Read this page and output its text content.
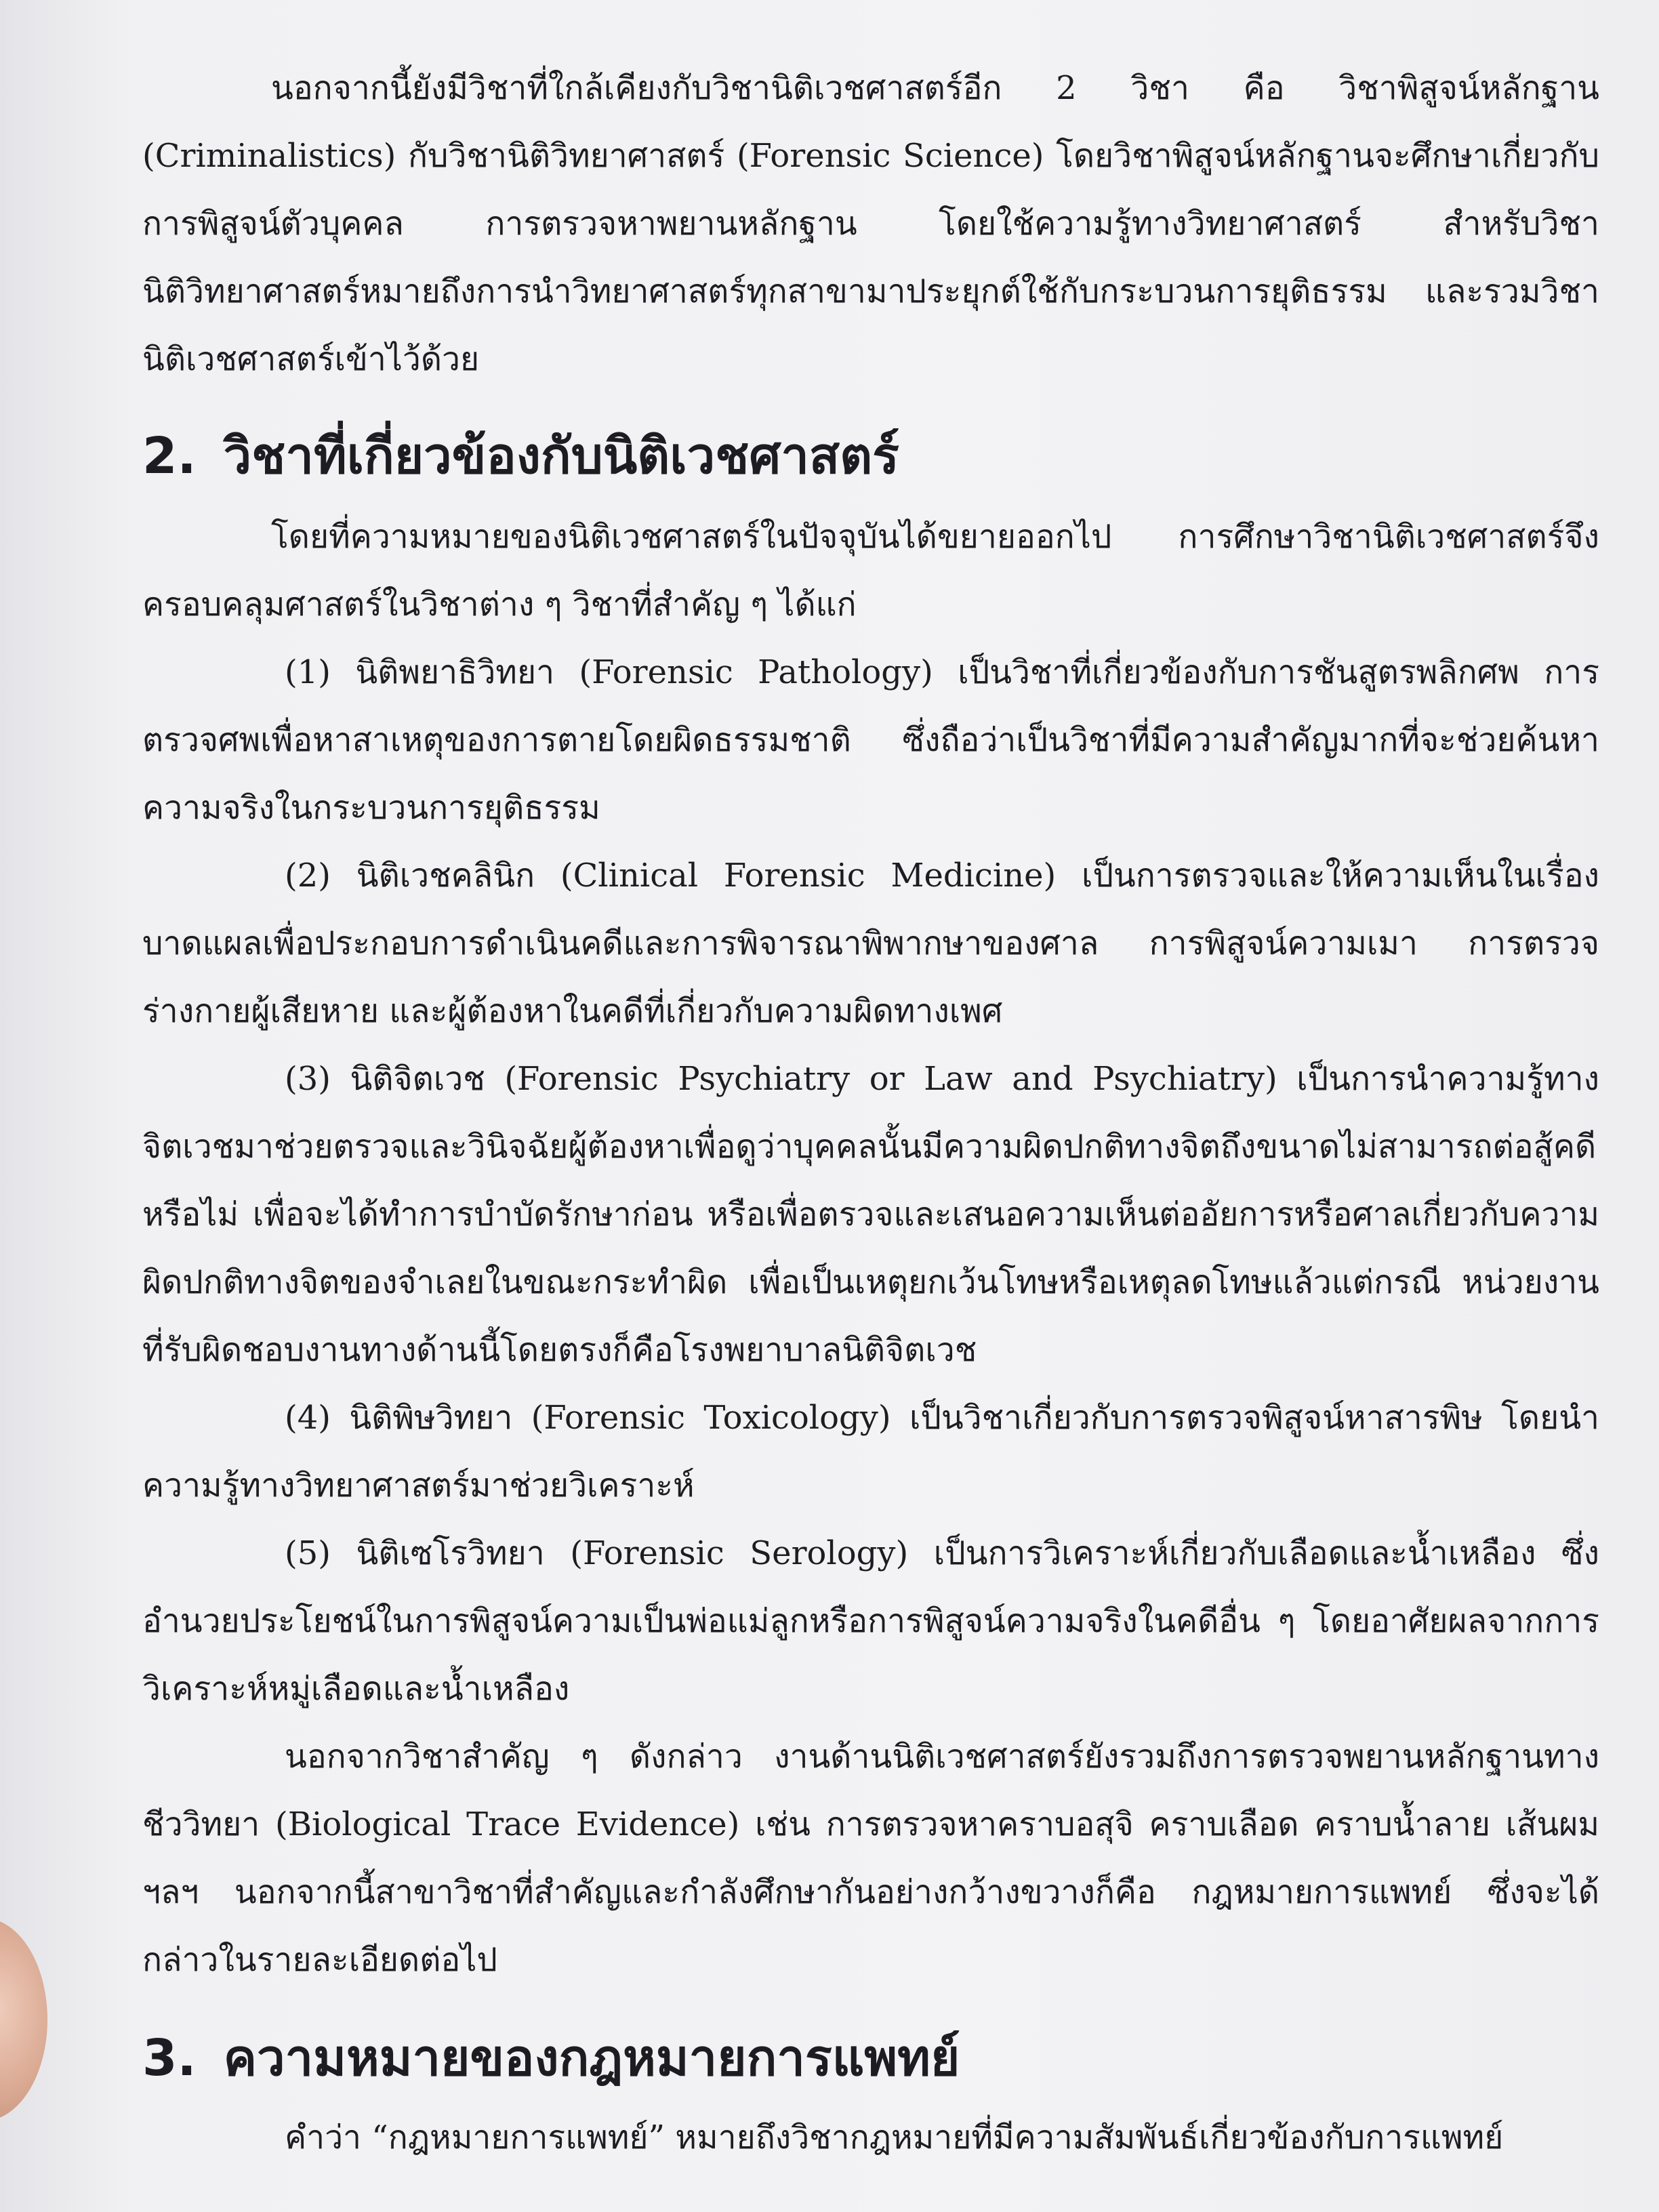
นอกจากนี้ยังมีวิชาที่ใกล้เคียงกับวิชานิติเวชศาสตร์อีก 2 วิชา คือ วิชาพิสูจน์หลักฐาน (Criminalistics) กับวิชานิติวิทยาศาสตร์ (Forensic Science) โดยวิชาพิสูจน์หลักฐานจะศึกษาเกี่ยวกับการพิสูจน์ตัวบุคคล การตรวจหาพยานหลักฐาน โดยใช้ความรู้ทางวิทยาศาสตร์ สำหรับวิชานิติวิทยาศาสตร์หมายถึงการนำวิทยาศาสตร์ทุกสาขามาประยุกต์ใช้กับกระบวนการยุติธรรม และรวมวิชานิติเวชศาสตร์เข้าไว้ด้วย

2. วิชาที่เกี่ยวข้องกับนิติเวชศาสตร์

โดยที่ความหมายของนิติเวชศาสตร์ในปัจจุบันได้ขยายออกไป การศึกษาวิชานิติเวชศาสตร์จึงครอบคลุมศาสตร์ในวิชาต่าง ๆ วิชาที่สำคัญ ๆ ได้แก่

(1) นิติพยาธิวิทยา (Forensic Pathology) เป็นวิชาที่เกี่ยวข้องกับการชันสูตรพลิกศพ การตรวจศพเพื่อหาสาเหตุของการตายโดยผิดธรรมชาติ ซึ่งถือว่าเป็นวิชาที่มีความสำคัญมากที่จะช่วยค้นหาความจริงในกระบวนการยุติธรรม

(2) นิติเวชคลินิก (Clinical Forensic Medicine) เป็นการตรวจและให้ความเห็นในเรื่องบาดแผลเพื่อประกอบการดำเนินคดีและการพิจารณาพิพากษาของศาล การพิสูจน์ความเมา การตรวจร่างกายผู้เสียหาย และผู้ต้องหาในคดีที่เกี่ยวกับความผิดทางเพศ

(3) นิติจิตเวช (Forensic Psychiatry or Law and Psychiatry) เป็นการนำความรู้ทางจิตเวชมาช่วยตรวจและวินิจฉัยผู้ต้องหาเพื่อดูว่าบุคคลนั้นมีความผิดปกติทางจิตถึงขนาดไม่สามารถต่อสู้คดีหรือไม่ เพื่อจะได้ทำการบำบัดรักษาก่อน หรือเพื่อตรวจและเสนอความเห็นต่ออัยการหรือศาลเกี่ยวกับความผิดปกติทางจิตของจำเลยในขณะกระทำผิด เพื่อเป็นเหตุยกเว้นโทษหรือเหตุลดโทษแล้วแต่กรณี หน่วยงานที่รับผิดชอบงานทางด้านนี้โดยตรงก็คือโรงพยาบาลนิติจิตเวช

(4) นิติพิษวิทยา (Forensic Toxicology) เป็นวิชาเกี่ยวกับการตรวจพิสูจน์หาสารพิษ โดยนำความรู้ทางวิทยาศาสตร์มาช่วยวิเคราะห์

(5) นิติเซโรวิทยา (Forensic Serology) เป็นการวิเคราะห์เกี่ยวกับเลือดและน้ำเหลือง ซึ่งอำนวยประโยชน์ในการพิสูจน์ความเป็นพ่อแม่ลูกหรือการพิสูจน์ความจริงในคดีอื่น ๆ โดยอาศัยผลจากการวิเคราะห์หมู่เลือดและน้ำเหลือง

นอกจากวิชาสำคัญ ๆ ดังกล่าว งานด้านนิติเวชศาสตร์ยังรวมถึงการตรวจพยานหลักฐานทางชีววิทยา (Biological Trace Evidence) เช่น การตรวจหาคราบอสุจิ คราบเลือด คราบน้ำลาย เส้นผม ฯลฯ นอกจากนี้สาขาวิชาที่สำคัญและกำลังศึกษากันอย่างกว้างขวางก็คือ กฎหมายการแพทย์ ซึ่งจะได้กล่าวในรายละเอียดต่อไป

3. ความหมายของกฎหมายการแพทย์

คำว่า “กฎหมายการแพทย์” หมายถึงวิชากฎหมายที่มีความสัมพันธ์เกี่ยวข้องกับการแพทย์
